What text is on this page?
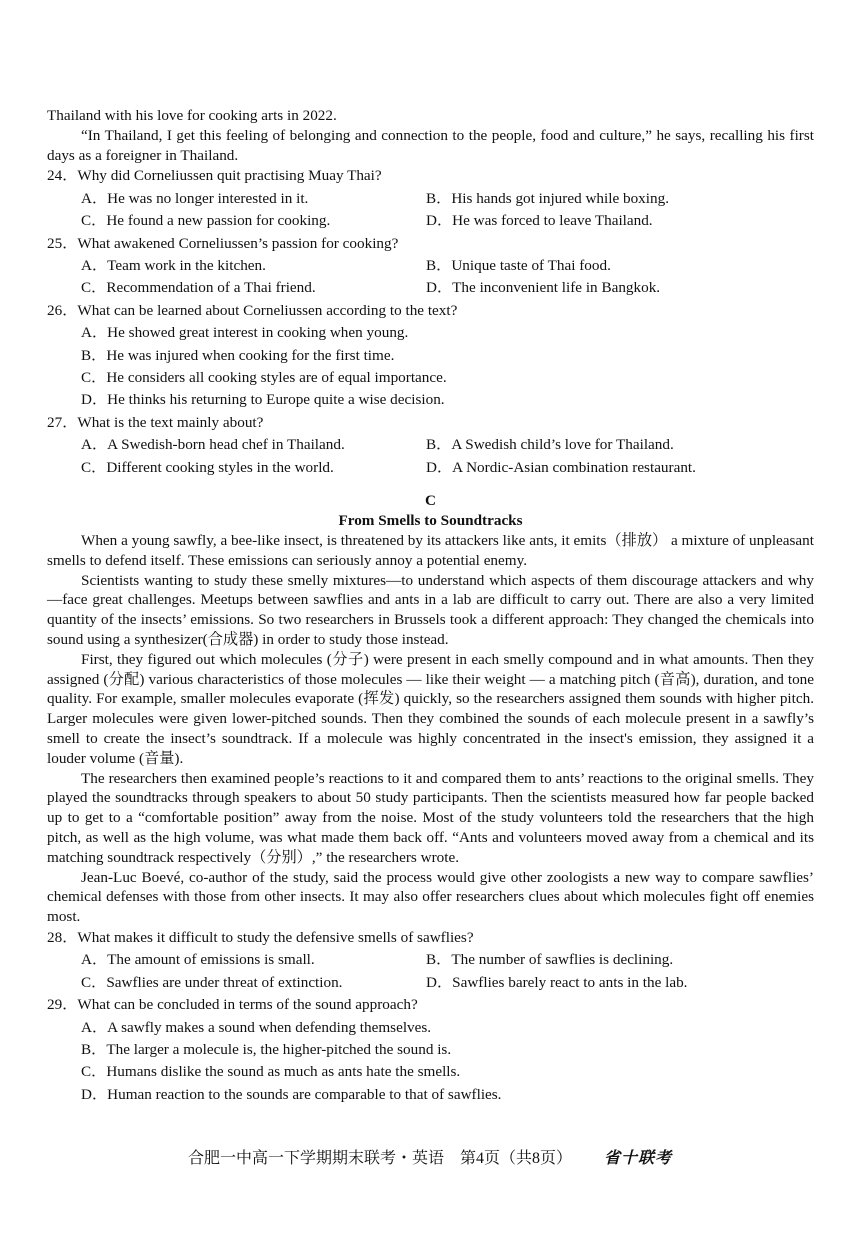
Thailand with his love for cooking arts in 2022.

“In Thailand, I get this feeling of belonging and connection to the people, food and culture,” he says, recalling his first days as a foreigner in Thailand.

24．Why did Corneliussen quit practising Muay Thai?

A．He was no longer interested in it.	B．His hands got injured while boxing.
C．He found a new passion for cooking.	D．He was forced to leave Thailand.

25．What awakened Corneliussen’s passion for cooking?

A．Team work in the kitchen.	B．Unique taste of Thai food.
C．Recommendation of a Thai friend.	D．The inconvenient life in Bangkok.

26．What can be learned about Corneliussen according to the text?

A．He showed great interest in cooking when young.

B．He was injured when cooking for the first time.

C．He considers all cooking styles are of equal importance.

D．He thinks his returning to Europe quite a wise decision.

27．What is the text mainly about?

A．A Swedish-born head chef in Thailand.	B．A Swedish child’s love for Thailand.
C．Different cooking styles in the world.	D．A Nordic-Asian combination restaurant.

C

From Smells to Soundtracks

When a young sawfly, a bee-like insect, is threatened by its attackers like ants, it emits（排放） a mixture of unpleasant smells to defend itself. These emissions can seriously annoy a potential enemy.

Scientists wanting to study these smelly mixtures—to understand which aspects of them discourage attackers and why—face great challenges. Meetups between sawflies and ants in a lab are difficult to carry out. There are also a very limited quantity of the insects’ emissions. So two researchers in Brussels took a different approach: They changed the chemicals into sound using a synthesizer(合成器) in order to study those instead.

First, they figured out which molecules (分子) were present in each smelly compound and in what amounts. Then they assigned (分配) various characteristics of those molecules — like their weight — a matching pitch (音高), duration, and tone quality. For example, smaller molecules evaporate (挥发) quickly, so the researchers assigned them sounds with higher pitch. Larger molecules were given lower-pitched sounds. Then they combined the sounds of each molecule present in a sawfly’s smell to create the insect’s soundtrack. If a molecule was highly concentrated in the insect's emission, they assigned it a louder volume (音量).

The researchers then examined people’s reactions to it and compared them to ants’ reactions to the original smells. They played the soundtracks through speakers to about 50 study participants. Then the scientists measured how far people backed up to get to a “comfortable position” away from the noise. Most of the study volunteers told the researchers that the high pitch, as well as the high volume, was what made them back off. “Ants and volunteers moved away from a chemical and its matching soundtrack respectively（分别）,” the researchers wrote.

Jean-Luc Boevé, co-author of the study, said the process would give other zoologists a new way to compare sawflies’ chemical defenses with those from other insects. It may also offer researchers clues about which molecules fight off enemies most.

28．What makes it difficult to study the defensive smells of sawflies?

A．The amount of emissions is small.	B．The number of sawflies is declining.
C．Sawflies are under threat of extinction.	D．Sawflies barely react to ants in the lab.

29．What can be concluded in terms of the sound approach?

A．A sawfly makes a sound when defending themselves.

B．The larger a molecule is, the higher-pitched the sound is.

C．Humans dislike the sound as much as ants hate the smells.

D．Human reaction to the sounds are comparable to that of sawflies.

合肥一中高一下学期期末联考・英语　第4页（共8页） 省十联考
